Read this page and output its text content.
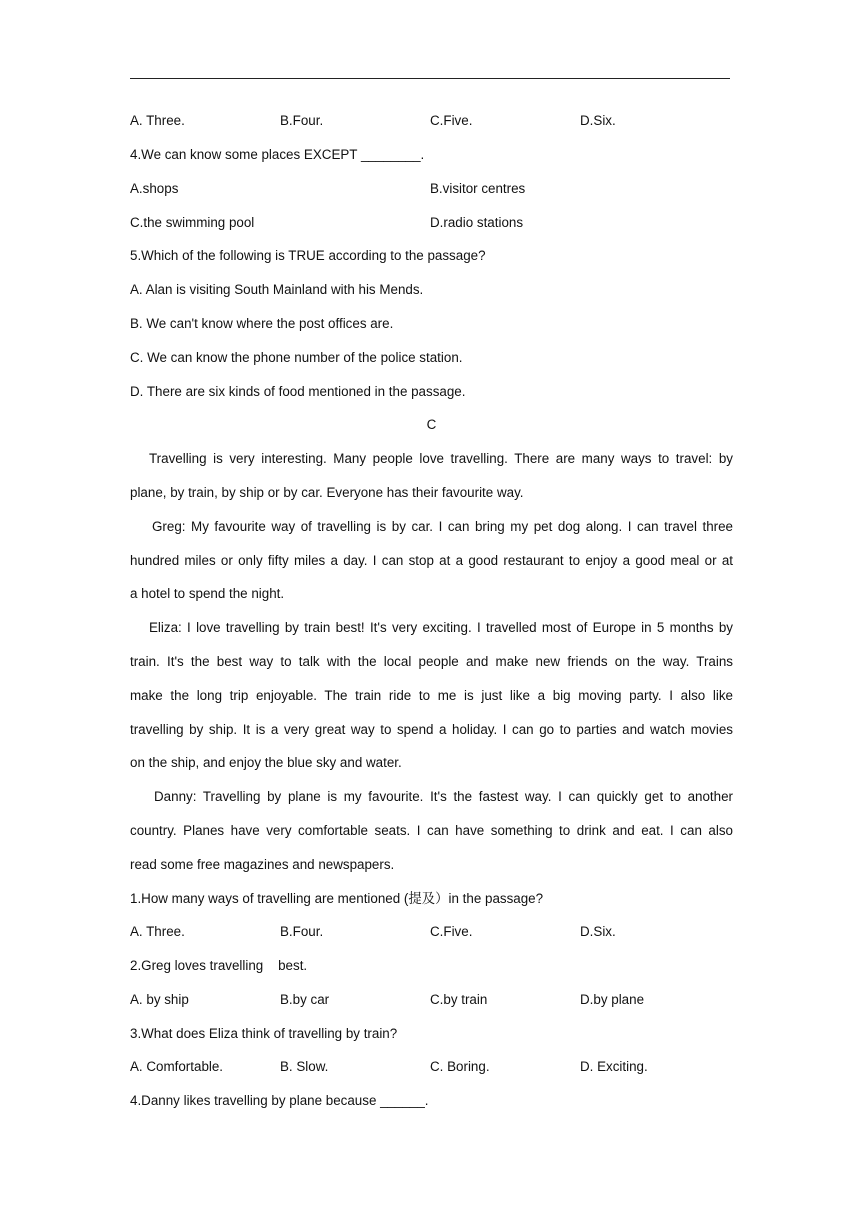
A. Three.	B.Four.	C.Five.	D.Six.
4.We can know some places EXCEPT ________.
A.shops	B.visitor centres
C.the swimming pool	D.radio stations
5.Which of the following is TRUE according to the passage?
A. Alan is visiting South Mainland with his Mends.
B. We can't know where the post offices are.
C. We can know the phone number of the police station.
D. There are six kinds of food mentioned in the passage.
C
Travelling is very interesting. Many people love travelling. There are many ways to travel: by
plane, by train, by ship or by car. Everyone has their favourite way.
Greg: My favourite way of travelling is by car. I can bring my pet dog along. I can travel three
hundred miles or only fifty miles a day. I can stop at a good restaurant to enjoy a good meal or at
a hotel to spend the night.
Eliza: I love travelling by train best! It's very exciting. I travelled most of Europe in 5 months by
train. It's the best way to talk with the local people and make new friends on the way. Trains
make the long trip enjoyable. The train ride to me is just like a big moving party. I also like
travelling by ship. It is a very great way to spend a holiday. I can go to parties and watch movies
on the ship, and enjoy the blue sky and water.
Danny: Travelling by plane is my favourite. It's the fastest way. I can quickly get to another
country. Planes have very comfortable seats. I can have something to drink and eat. I can also
read some free magazines and newspapers.
1.How many ways of travelling are mentioned (提及）in the passage?
A. Three.	B.Four.	C.Five.	D.Six.
2.Greg loves travelling    best.
A. by ship	B.by car	C.by train	D.by plane
3.What does Eliza think of travelling by train?
A. Comfortable.	B. Slow.	C. Boring.	D. Exciting.
4.Danny likes travelling by plane because ______.
